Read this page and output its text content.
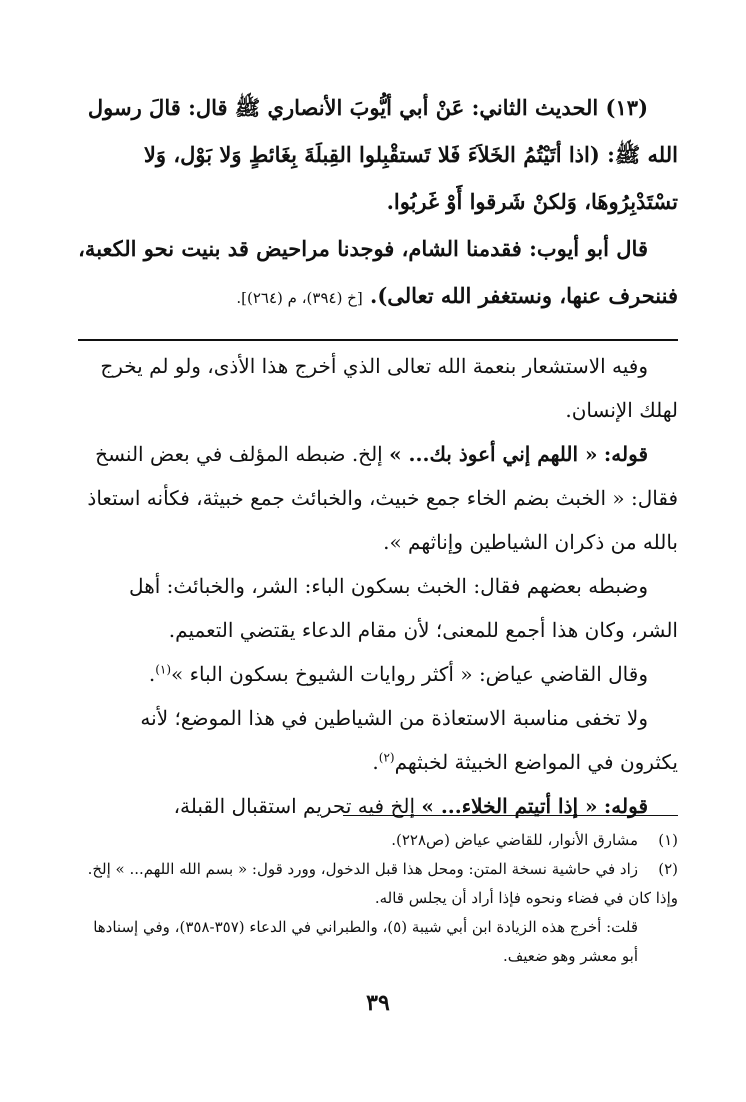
(١٣) الحديث الثاني: عَنْ أبي أيُّوبَ الأنصاري ﷺ قال: قالَ رسول الله ﷺ: (اذا أتَيْتُمُ الخَلاَءَ فَلا تَستقْبِلوا القِبلَةَ بِغَائطٍ وَلا بَوْل، وَلا تسْتَدْبِرُوهَا، وَلكنْ شَرقوا أَوْ غَربُوا.

قال أبو أيوب: فقدمنا الشام، فوجدنا مراحيض قد بنيت نحو الكعبة، فننحرف عنها، ونستغفر الله تعالى). [خ (٣٩٤)، م (٢٦٤)].

وفيه الاستشعار بنعمة الله تعالى الذي أخرج هذا الأذى، ولو لم يخرج لهلك الإنسان.

قوله: « اللهم إني أعوذ بك... » إلخ. ضبطه المؤلف في بعض النسخ فقال: « الخبث بضم الخاء جمع خبيث، والخبائث جمع خبيثة، فكأنه استعاذ بالله من ذكران الشياطين وإناثهم ».

وضبطه بعضهم فقال: الخبث بسكون الباء: الشر، والخبائث: أهل الشر، وكان هذا أجمع للمعنى؛ لأن مقام الدعاء يقتضي التعميم.

وقال القاضي عياض: « أكثر روايات الشيوخ بسكون الباء »$^{(١)}$.

ولا تخفى مناسبة الاستعاذة من الشياطين في هذا الموضع؛ لأنه يكثرون في المواضع الخبيثة لخبثهم$^{(٢)}$.

قوله: « إذا أتيتم الخلاء... » إلخ فيه تحريم استقبال القبلة،

(١)مشارق الأنوار، للقاضي عياض (ص٢٢٨).

(٢)زاد في حاشية نسخة المتن: ومحل هذا قبل الدخول، وورد قول: « بسم الله اللهم... » إلخ. وإذا كان في فضاء ونحوه فإذا أراد أن يجلس قاله.

قلت: أخرج هذه الزيادة ابن أبي شيبة (٥)، والطبراني في الدعاء (٣٥٧-٣٥٨)، وفي إسنادها أبو معشر وهو ضعيف.

٣٩
